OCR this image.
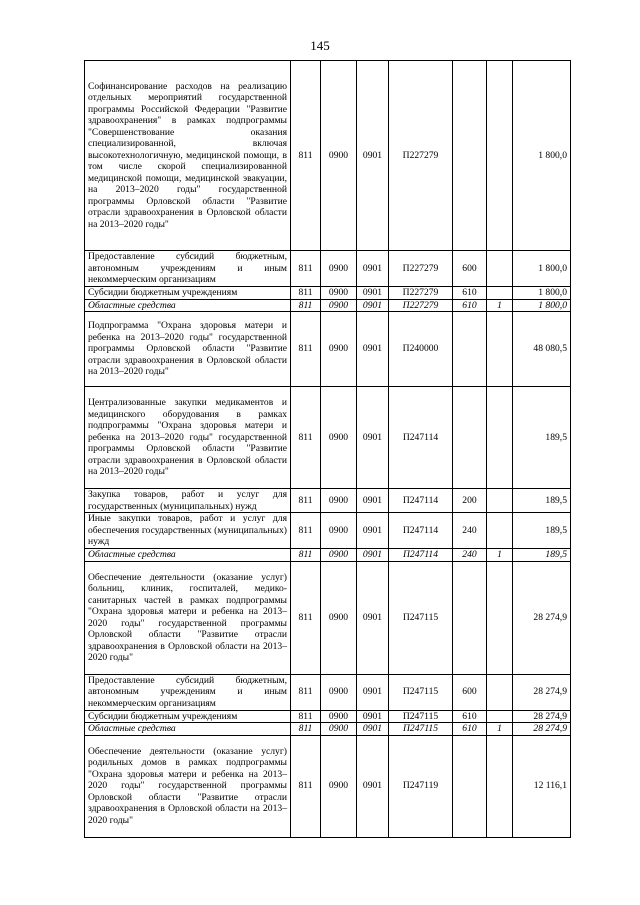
145
Софинансирование расходов на реализацию отдельных мероприятий государственной программы Российской Федерации "Развитие здравоохранения" в рамках подпрограммы "Совершенствование оказания специализированной, включая высокотехнологичную, медицинской помощи, в том числе скорой специализированной медицинской помощи, медицинской эвакуации, на 2013–2020 годы" государственной программы Орловской области "Развитие отрасли здравоохранения в Орловской области на 2013–2020 годы"	811	0900	0901	П227279			1 800,0
Предоставление субсидий бюджетным, автономным учреждениям и иным некоммерческим организациям	811	0900	0901	П227279	600		1 800,0
Субсидии бюджетным учреждениям	811	0900	0901	П227279	610		1 800,0
Областные средства	811	0900	0901	П227279	610	1	1 800,0
Подпрограмма "Охрана здоровья матери и ребенка на 2013–2020 годы" государственной программы Орловской области "Развитие отрасли здравоохранения в Орловской области на 2013–2020 годы"	811	0900	0901	П240000			48 080,5
Централизованные закупки медикаментов и медицинского оборудования в рамках подпрограммы "Охрана здоровья матери и ребенка на 2013–2020 годы" государственной программы Орловской области "Развитие отрасли здравоохранения в Орловской области на 2013–2020 годы"	811	0900	0901	П247114			189,5
Закупка товаров, работ и услуг для государственных (муниципальных) нужд	811	0900	0901	П247114	200		189,5
Иные закупки товаров, работ и услуг для обеспечения государственных (муниципальных) нужд	811	0900	0901	П247114	240		189,5
Областные средства	811	0900	0901	П247114	240	1	189,5
Обеспечение деятельности (оказание услуг) больниц, клиник, госпиталей, медико-санитарных частей в рамках подпрограммы "Охрана здоровья матери и ребенка на 2013–2020 годы" государственной программы Орловской области "Развитие отрасли здравоохранения в Орловской области на 2013–2020 годы"	811	0900	0901	П247115			28 274,9
Предоставление субсидий бюджетным, автономным учреждениям и иным некоммерческим организациям	811	0900	0901	П247115	600		28 274,9
Субсидии бюджетным учреждениям	811	0900	0901	П247115	610		28 274,9
Областные средства	811	0900	0901	П247115	610	1	28 274,9
Обеспечение деятельности (оказание услуг) родильных домов в рамках подпрограммы "Охрана здоровья матери и ребенка на 2013–2020 годы" государственной программы Орловской области "Развитие отрасли здравоохранения в Орловской области на 2013–2020 годы"	811	0900	0901	П247119			12 116,1
